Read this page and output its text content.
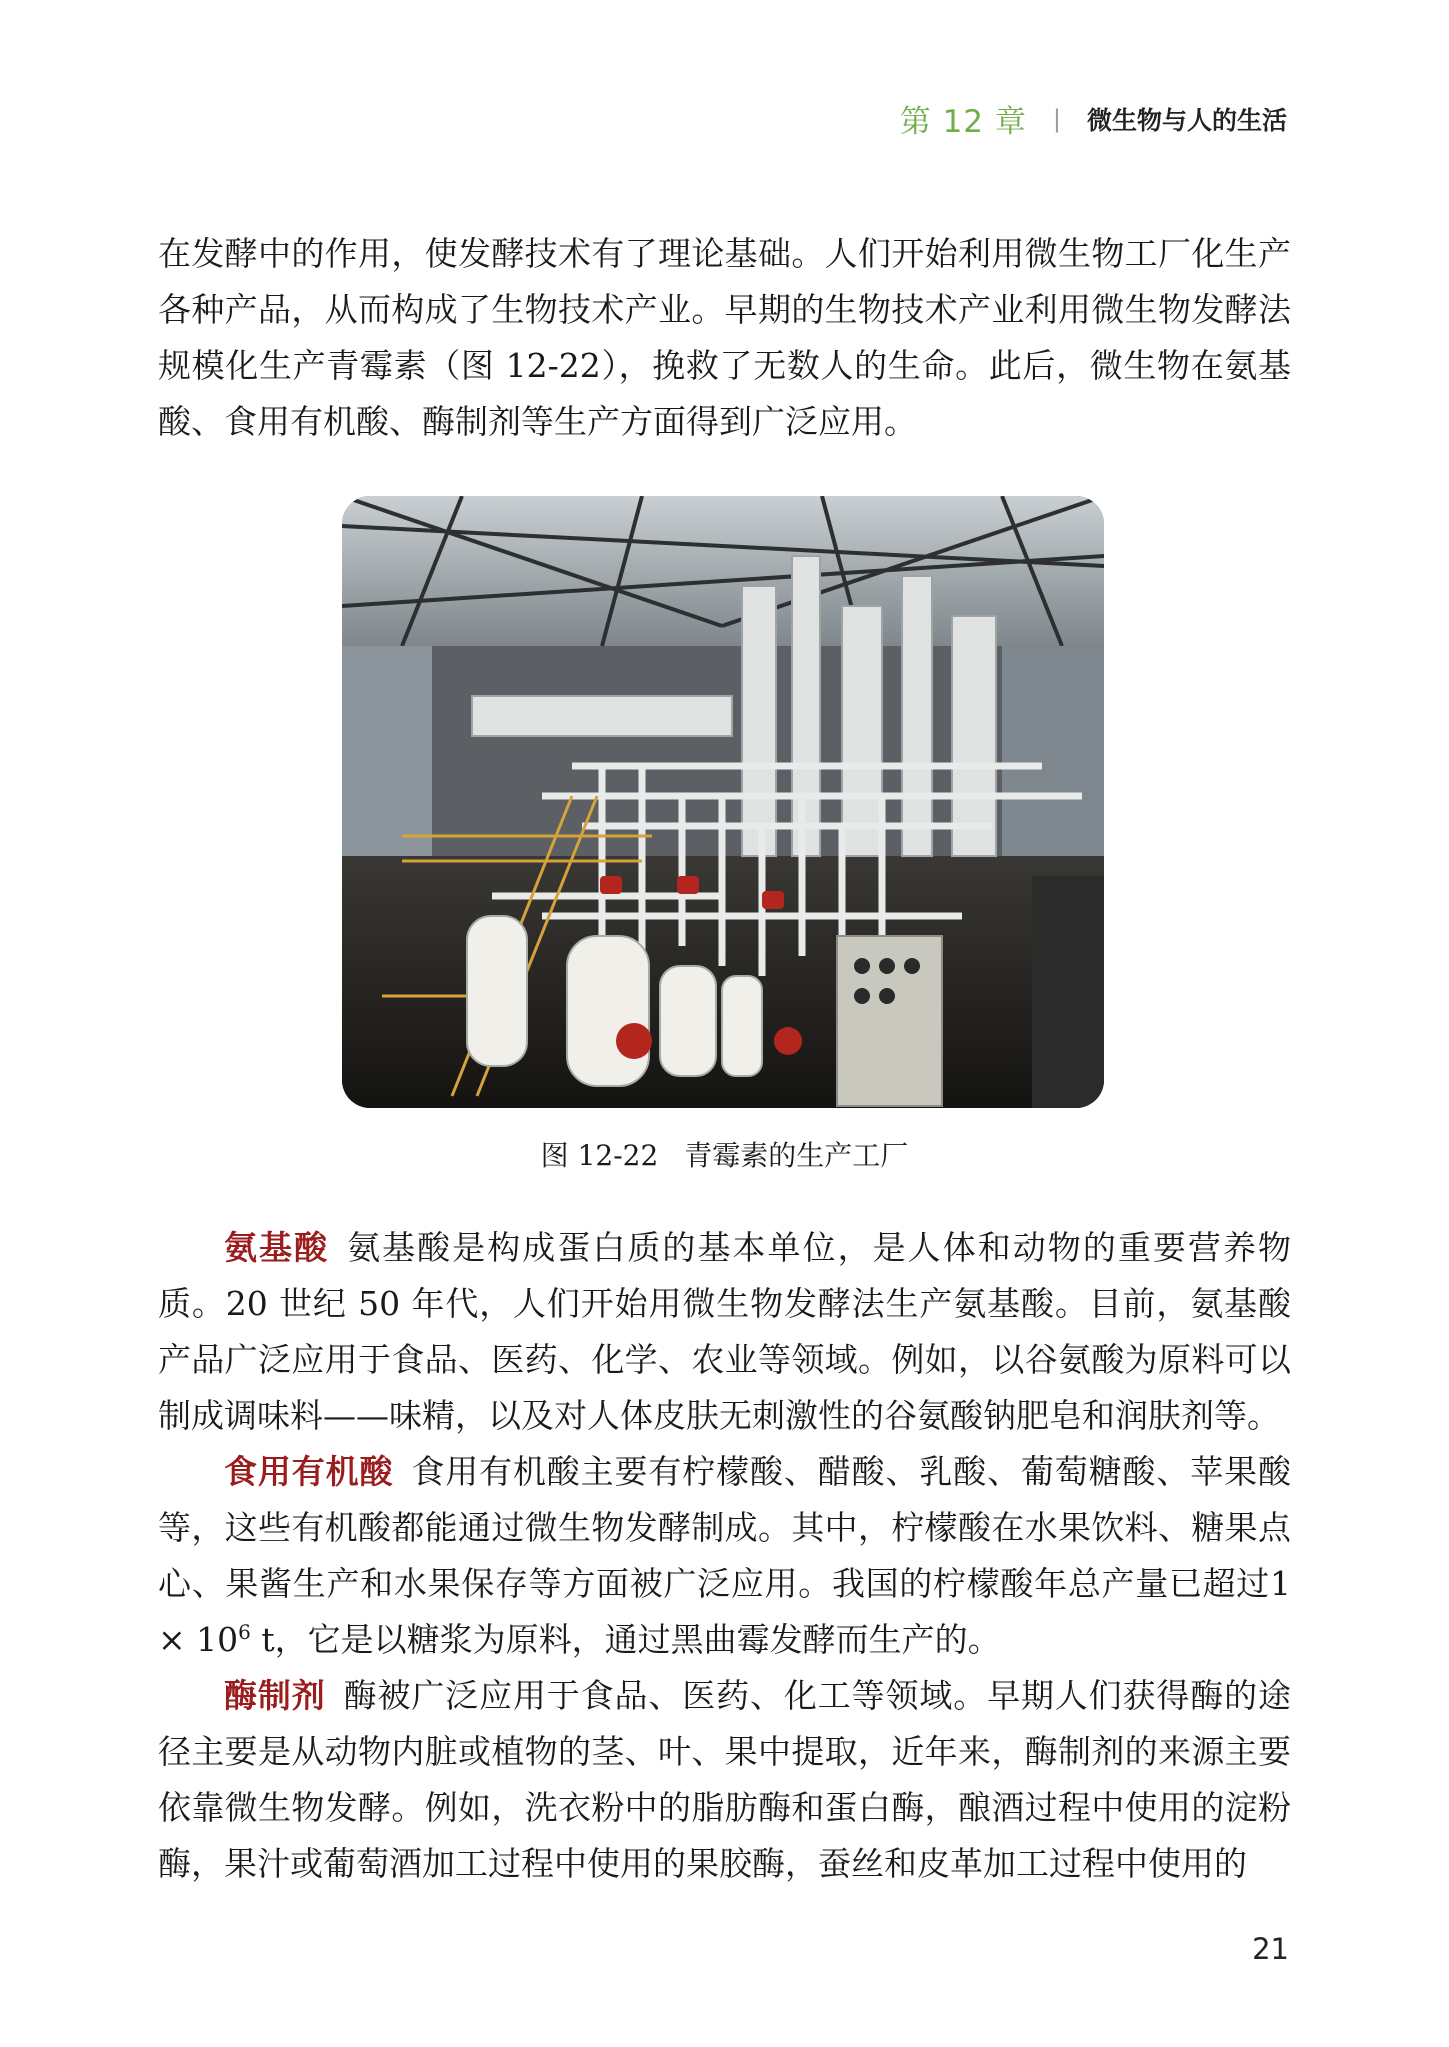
第 12 章 | 微生物与人的生活

在发酵中的作用，使发酵技术有了理论基础。人们开始利用微生物工厂化生产各种产品，从而构成了生物技术产业。早期的生物技术产业利用微生物发酵法规模化生产青霉素（图 12-22），挽救了无数人的生命。此后，微生物在氨基酸、食用有机酸、酶制剂等生产方面得到广泛应用。

图 12-22 青霉素的生产工厂

氨基酸 氨基酸是构成蛋白质的基本单位，是人体和动物的重要营养物质。20 世纪 50 年代，人们开始用微生物发酵法生产氨基酸。目前，氨基酸产品广泛应用于食品、医药、化学、农业等领域。例如，以谷氨酸为原料可以制成调味料——味精，以及对人体皮肤无刺激性的谷氨酸钠肥皂和润肤剂等。

食用有机酸 食用有机酸主要有柠檬酸、醋酸、乳酸、葡萄糖酸、苹果酸等，这些有机酸都能通过微生物发酵制成。其中，柠檬酸在水果饮料、糖果点心、果酱生产和水果保存等方面被广泛应用。我国的柠檬酸年总产量已超过$1 \times 10^6$ t，它是以糖浆为原料，通过黑曲霉发酵而生产的。

酶制剂 酶被广泛应用于食品、医药、化工等领域。早期人们获得酶的途径主要是从动物内脏或植物的茎、叶、果中提取，近年来，酶制剂的来源主要依靠微生物发酵。例如，洗衣粉中的脂肪酶和蛋白酶，酿酒过程中使用的淀粉酶，果汁或葡萄酒加工过程中使用的果胶酶，蚕丝和皮革加工过程中使用的

21
